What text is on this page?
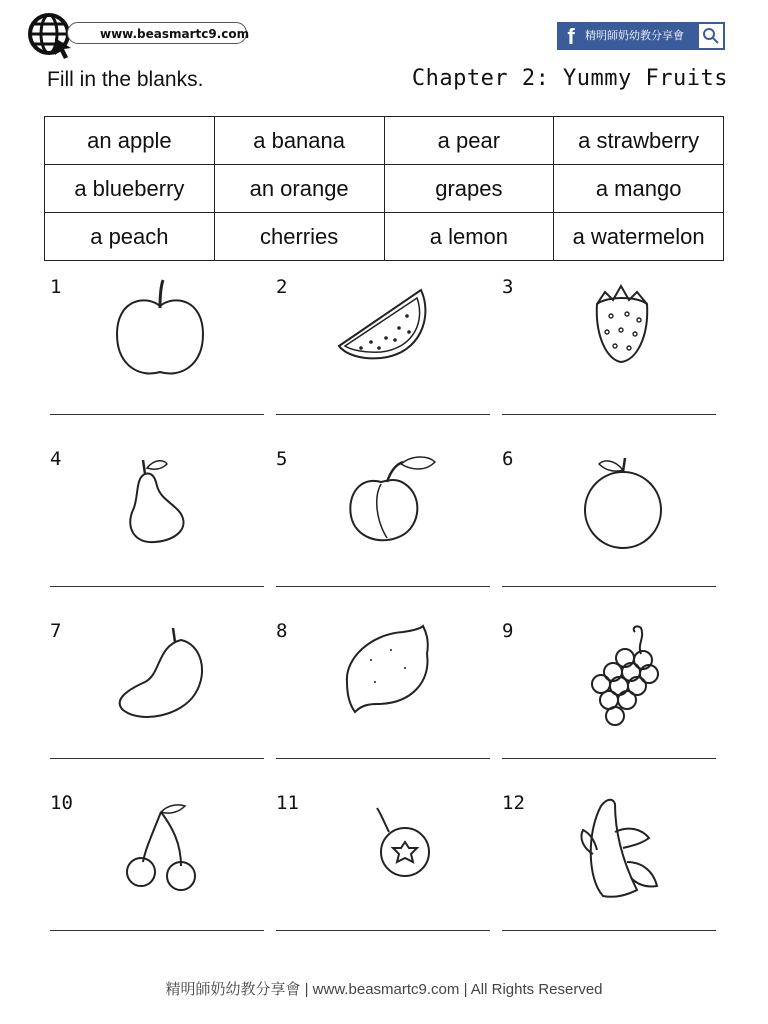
www.beasmartc9.com	f 精明師奶幼教分享會
Fill in the blanks.	Chapter 2: Yummy Fruits
an apple	a banana	a pear	a strawberry
a blueberry	an orange	grapes	a mango
a peach	cherries	a lemon	a watermelon
1	2	3
4	5	6
7	8	9
10	11	12
精明師奶幼教分享會 | www.beasmartc9.com | All Rights Reserved
